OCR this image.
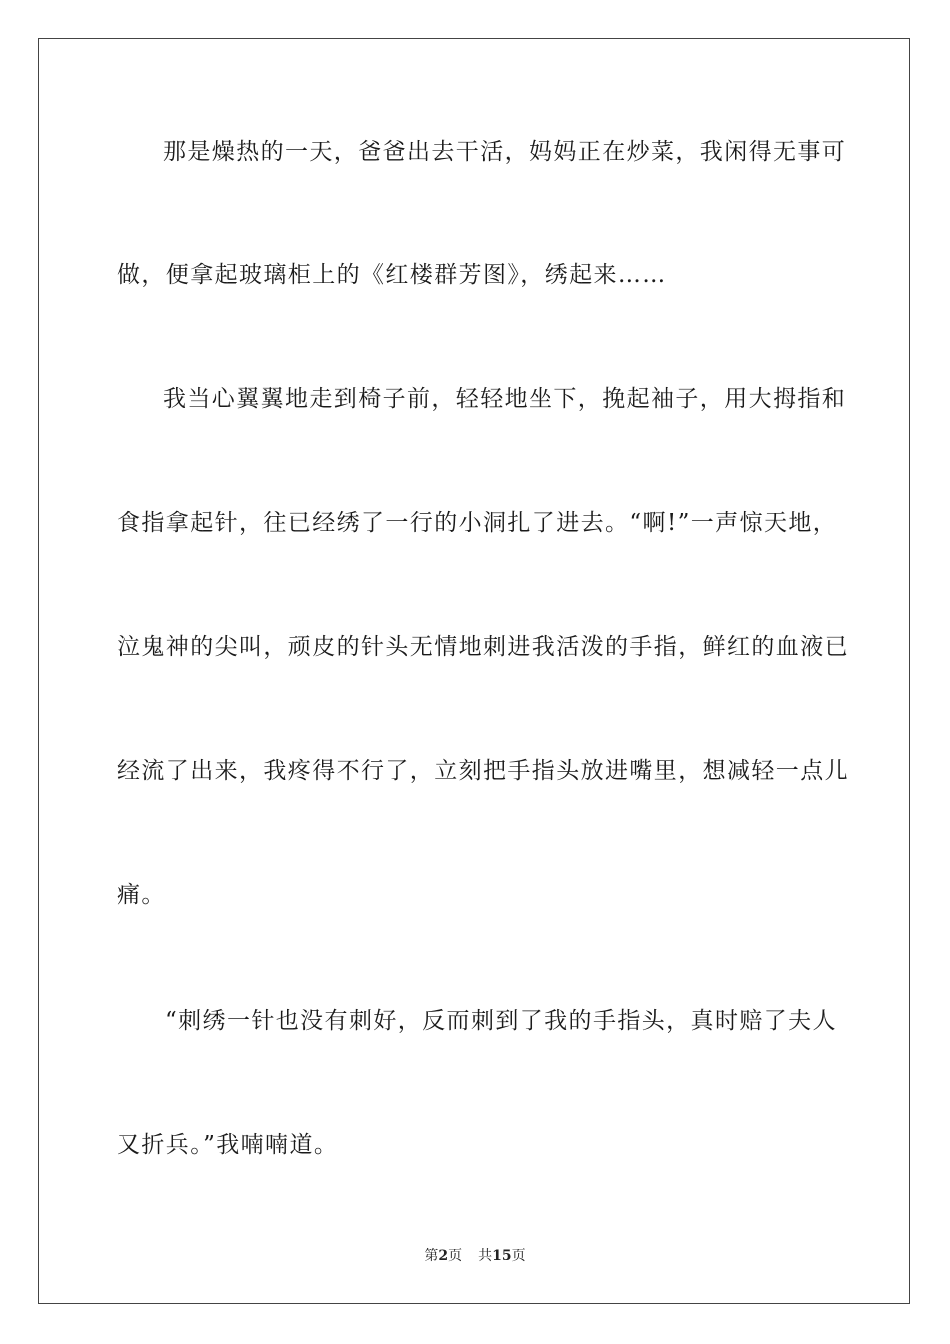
那是燥热的一天，爸爸出去干活，妈妈正在炒菜，我闲得无事可
做，便拿起玻璃柜上的《红楼群芳图》，绣起来……
我当心翼翼地走到椅子前，轻轻地坐下，挽起袖子，用大拇指和
食指拿起针，往已经绣了一行的小洞扎了进去。“啊!”一声惊天地，
泣鬼神的尖叫，顽皮的针头无情地刺进我活泼的手指，鲜红的血液已
经流了出来，我疼得不行了，立刻把手指头放进嘴里，想减轻一点儿
痛。
“刺绣一针也没有刺好，反而刺到了我的手指头，真时赔了夫人
又折兵。”我喃喃道。
第2页 共15页
